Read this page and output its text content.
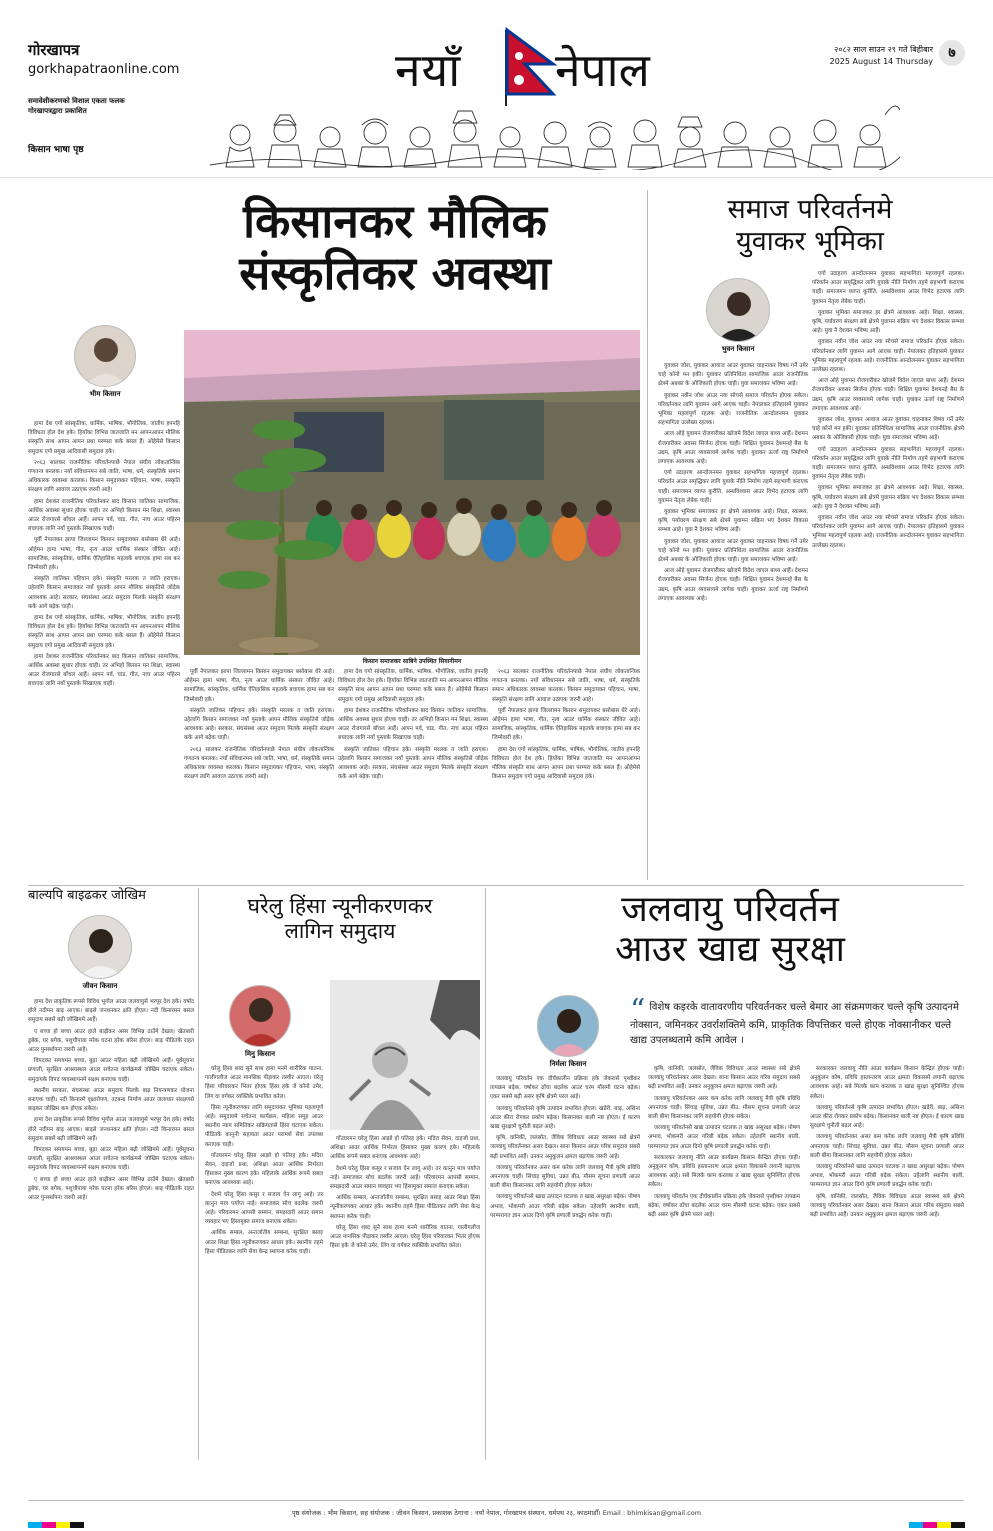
गोरखापत्र
gorkhapatraonline.com
समावेशीकरणको विशाल एकता फलक
गोरखापत्रद्वारा प्रकाशित
किसान भाषा पृष्ठ
नयाँ नेपाल	२०८२ साल साउन २९ गते बिहीबार
2025 August 14 Thursday
७
किसानकर मौलिक
संस्कृतिकर अवस्था
भीम किसान

हामा देश एगो सांस्कृतिक, धार्मिक, भाषिक, भौगोलिक, जातीय हपनहि विविधता होल देश हके। हियाँका विभिन्न जातजाति मन आपनआपन मौलिक संस्कृति साथ आपन आपन प्रथा परम्परा कके बसल हैं। ओहेमेसे किसान समुदाय एगो प्रमुख आदिवासी समुदाय हके।

२०६३ सालकर राजनीतिक परिवर्तनपाछे नेपाल संघीय लोकतान्त्रिक गणतन्त्र बनलक। नयाँ संविधानमन सबे जाति, भाषा, धर्म, संस्कृतिके समान अधिकारक व्यवस्था करलक। किसान समुदायकर पहिचान, भाषा, संस्कृति संरक्षण लागि आवाज उठाएक जरुरी आहे।

हामा देशकर राजनीतिक परिवर्तनकर बाद किसान जातिकर सामाजिक, आर्थिक अवस्था सुधार होएक चाही। तर अभिहो किसान मन शिक्षा, स्वास्थ्य आउर रोजगारसे बाँचल आहैं। आपन पर्व, चाड, गीत, नाच आउर पहिरन बचाएक लागि नयाँ पुस्ताके सिखाएक चाही।

पूर्वी नेपालकर झापा जिल्लामन किसान समुदायकर बसोबास धेरे आहे। ओहेमन हामा भाषा, गीत, नृत्य आउर धार्मिक संस्कार जीवित आहे। सामाजिक, सांस्कृतिक, धार्मिक ऐतिहासिक महत्वके बचाएक हामा सब कर जिम्मेवारी हके।

संस्कृति जातिकर पहिचान हके। संस्कृति मरलक त जाति हराएक। उहेलागि किसान समाजकर नयाँ पुस्ताके आपन मौलिक संस्कृतिसे जोड़ेक आवश्यक आहे। सरकार, संघसंस्था आउर समुदाय मिलके संस्कृति संरक्षण कके आगे बढ़ेक चाही।

हामा देश एगो सांस्कृतिक, धार्मिक, भाषिक, भौगोलिक, जातीय हपनहि विविधता होल देश हके। हियाँका विभिन्न जातजाति मन आपनआपन मौलिक संस्कृति साथ आपन आपन प्रथा परम्परा कके बसल हैं। ओहेमेसे किसान समुदाय एगो प्रमुख आदिवासी समुदाय हके।

हामा देशकर राजनीतिक परिवर्तनकर बाद किसान जातिकर सामाजिक, आर्थिक अवस्था सुधार होएक चाही। तर अभिहो किसान मन शिक्षा, स्वास्थ्य आउर रोजगारसे बाँचल आहैं। आपन पर्व, चाड, गीत, नाच आउर पहिरन बचाएक लागि नयाँ पुस्ताके सिखाएक चाही।

किसान समाजकर साबिने उपस्थित सियानीमन

पूर्वी नेपालकर झापा जिल्लामन किसान समुदायकर बसोबास धेरे आहे। ओहेमन हामा भाषा, गीत, नृत्य आउर धार्मिक संस्कार जीवित आहे। सामाजिक, सांस्कृतिक, धार्मिक ऐतिहासिक महत्वके बचाएक हामा सब कर जिम्मेवारी हके।

संस्कृति जातिकर पहिचान हके। संस्कृति मरलक त जाति हराएक। उहेलागि किसान समाजकर नयाँ पुस्ताके आपन मौलिक संस्कृतिसे जोड़ेक आवश्यक आहे। सरकार, संघसंस्था आउर समुदाय मिलके संस्कृति संरक्षण कके आगे बढ़ेक चाही।

२०६३ सालकर राजनीतिक परिवर्तनपाछे नेपाल संघीय लोकतान्त्रिक गणतन्त्र बनलक। नयाँ संविधानमन सबे जाति, भाषा, धर्म, संस्कृतिके समान अधिकारक व्यवस्था करलक। किसान समुदायकर पहिचान, भाषा, संस्कृति संरक्षण लागि आवाज उठाएक जरुरी आहे।

हामा देश एगो सांस्कृतिक, धार्मिक, भाषिक, भौगोलिक, जातीय हपनहि विविधता होल देश हके। हियाँका विभिन्न जातजाति मन आपनआपन मौलिक संस्कृति साथ आपन आपन प्रथा परम्परा कके बसल हैं। ओहेमेसे किसान समुदाय एगो प्रमुख आदिवासी समुदाय हके।

हामा देशकर राजनीतिक परिवर्तनकर बाद किसान जातिकर सामाजिक, आर्थिक अवस्था सुधार होएक चाही। तर अभिहो किसान मन शिक्षा, स्वास्थ्य आउर रोजगारसे बाँचल आहैं। आपन पर्व, चाड, गीत, नाच आउर पहिरन बचाएक लागि नयाँ पुस्ताके सिखाएक चाही।

संस्कृति जातिकर पहिचान हके। संस्कृति मरलक त जाति हराएक। उहेलागि किसान समाजकर नयाँ पुस्ताके आपन मौलिक संस्कृतिसे जोड़ेक आवश्यक आहे। सरकार, संघसंस्था आउर समुदाय मिलके संस्कृति संरक्षण कके आगे बढ़ेक चाही।

२०६३ सालकर राजनीतिक परिवर्तनपाछे नेपाल संघीय लोकतान्त्रिक गणतन्त्र बनलक। नयाँ संविधानमन सबे जाति, भाषा, धर्म, संस्कृतिके समान अधिकारक व्यवस्था करलक। किसान समुदायकर पहिचान, भाषा, संस्कृति संरक्षण लागि आवाज उठाएक जरुरी आहे।

पूर्वी नेपालकर झापा जिल्लामन किसान समुदायकर बसोबास धेरे आहे। ओहेमन हामा भाषा, गीत, नृत्य आउर धार्मिक संस्कार जीवित आहे। सामाजिक, सांस्कृतिक, धार्मिक ऐतिहासिक महत्वके बचाएक हामा सब कर जिम्मेवारी हके।

हामा देश एगो सांस्कृतिक, धार्मिक, भाषिक, भौगोलिक, जातीय हपनहि विविधता होल देश हके। हियाँका विभिन्न जातजाति मन आपनआपन मौलिक संस्कृति साथ आपन आपन प्रथा परम्परा कके बसल हैं। ओहेमेसे किसान समुदाय एगो प्रमुख आदिवासी समुदाय हके।

समाज परिवर्तनमे
युवाकर भूमिका
भुवन किसान

युवाकर जोश, युवाकर आवाज आउर युवाकर चाहनाकर विषय गर्ने उमेर चाहे कोनो मन हकी। युवाकर प्रतिनिधित्व सामाजिक आउर राजनीतिक क्षेत्रमे अबका के ओजिकारी होएक चाही। युवा समाजकर भविष्य आहे।

युवाकर नवीन जोश आउर नया सोचसे समाज परिवर्तन होएक सकेल। परिवर्तनकर लागि युवामन आगे आएक चाही। नेपालकर इतिहासमे युवाकर भूमिका महत्वपूर्ण रहलक आहे। राजनीतिक आन्दोलनमन युवाकर सहभागिता उल्लेख्य रहलक।

आज ओहे युवामन रोजगारीकर खोजमे विदेश जाएल बाध्य आहैं। देशमन रोजगारीकर अवसर सिर्जना होएक चाही। शिक्षित युवामन देशमनहे बैस के उद्यम, कृषि आउर व्यवसायमे लागेक चाही। युवाकर ऊर्जा राष्ट्र निर्माणमे लगाएक आवश्यक आहे।

एगो उदाहरण आन्दोलनमन युवाकर सहभागिता महत्त्वपूर्ण रहलक। परिवर्तन आउर समृद्धिकर लागि युवाके नीति निर्माण तहमे सहभागी कराएक चाही। समाजमन व्याप्त कुरीति, अन्धविश्वास आउर विभेद हटाएक लागि युवामन नेतृत्व लेबेक चाही।

युवाकर भूमिका समाजकर हर क्षेत्रमे आवश्यक आहे। शिक्षा, स्वास्थ्य, कृषि, पर्यावरण संरक्षण सबे क्षेत्रमे युवामन सक्रिय भए देशकर विकास सम्भव आहे। युवा नै देशकर भविष्य आहैं।

युवाकर जोश, युवाकर आवाज आउर युवाकर चाहनाकर विषय गर्ने उमेर चाहे कोनो मन हकी। युवाकर प्रतिनिधित्व सामाजिक आउर राजनीतिक क्षेत्रमे अबका के ओजिकारी होएक चाही। युवा समाजकर भविष्य आहे।

आज ओहे युवामन रोजगारीकर खोजमे विदेश जाएल बाध्य आहैं। देशमन रोजगारीकर अवसर सिर्जना होएक चाही। शिक्षित युवामन देशमनहे बैस के उद्यम, कृषि आउर व्यवसायमे लागेक चाही। युवाकर ऊर्जा राष्ट्र निर्माणमे लगाएक आवश्यक आहे।

एगो उदाहरण आन्दोलनमन युवाकर सहभागिता महत्त्वपूर्ण रहलक। परिवर्तन आउर समृद्धिकर लागि युवाके नीति निर्माण तहमे सहभागी कराएक चाही। समाजमन व्याप्त कुरीति, अन्धविश्वास आउर विभेद हटाएक लागि युवामन नेतृत्व लेबेक चाही।

युवाकर भूमिका समाजकर हर क्षेत्रमे आवश्यक आहे। शिक्षा, स्वास्थ्य, कृषि, पर्यावरण संरक्षण सबे क्षेत्रमे युवामन सक्रिय भए देशकर विकास सम्भव आहे। युवा नै देशकर भविष्य आहैं।

युवाकर नवीन जोश आउर नया सोचसे समाज परिवर्तन होएक सकेल। परिवर्तनकर लागि युवामन आगे आएक चाही। नेपालकर इतिहासमे युवाकर भूमिका महत्वपूर्ण रहलक आहे। राजनीतिक आन्दोलनमन युवाकर सहभागिता उल्लेख्य रहलक।

आज ओहे युवामन रोजगारीकर खोजमे विदेश जाएल बाध्य आहैं। देशमन रोजगारीकर अवसर सिर्जना होएक चाही। शिक्षित युवामन देशमनहे बैस के उद्यम, कृषि आउर व्यवसायमे लागेक चाही। युवाकर ऊर्जा राष्ट्र निर्माणमे लगाएक आवश्यक आहे।

युवाकर जोश, युवाकर आवाज आउर युवाकर चाहनाकर विषय गर्ने उमेर चाहे कोनो मन हकी। युवाकर प्रतिनिधित्व सामाजिक आउर राजनीतिक क्षेत्रमे अबका के ओजिकारी होएक चाही। युवा समाजकर भविष्य आहे।

एगो उदाहरण आन्दोलनमन युवाकर सहभागिता महत्त्वपूर्ण रहलक। परिवर्तन आउर समृद्धिकर लागि युवाके नीति निर्माण तहमे सहभागी कराएक चाही। समाजमन व्याप्त कुरीति, अन्धविश्वास आउर विभेद हटाएक लागि युवामन नेतृत्व लेबेक चाही।

युवाकर भूमिका समाजकर हर क्षेत्रमे आवश्यक आहे। शिक्षा, स्वास्थ्य, कृषि, पर्यावरण संरक्षण सबे क्षेत्रमे युवामन सक्रिय भए देशकर विकास सम्भव आहे। युवा नै देशकर भविष्य आहैं।

युवाकर नवीन जोश आउर नया सोचसे समाज परिवर्तन होएक सकेल। परिवर्तनकर लागि युवामन आगे आएक चाही। नेपालकर इतिहासमे युवाकर भूमिका महत्वपूर्ण रहलक आहे। राजनीतिक आन्दोलनमन युवाकर सहभागिता उल्लेख्य रहलक।

बाल्यपि बाइढकर जोखिम
जीवन किसान

हामा देश प्राकृतिक रूपसे विविध भूगोल आउर जलवायुसे भरपूर देश हके। वर्षाद होले नदीमन बाढ़ आएक। बाढ़से जनधनकर क्षति होएल। नदी किनारमन बसल समुदाय सबसे बढ़ी जोखिममे आहैं।

ए बच्चा हो बच्चा आउर हाले बाढ़ीकर असर विभिन्न ठाउँमे देखल। खेतबारी डुबेक, घर बगेक, पशुचौपाया मरेक घटना हरेक बरिस होएल। बाढ़ पीडितके राहत आउर पुनर्स्थापना जरुरी आहे।

विपदकर समयमन बच्चा, बुढ़ा आउर महिला बढ़ी जोखिममे आहैं। पूर्वसूचना प्रणाली, सुरक्षित आश्रयस्थल आउर सचेतना कार्यक्रमसे जोखिम घटाएक सकेल। समुदायके विपद व्यवस्थापनमे सक्षम बनाएक चाही।

स्थानीय सरकार, संघसंस्था आउर समुदाय मिलके बाढ़ नियन्त्रणकर योजना बनाएक चाही। नदी किनारमे वृक्षारोपण, तटबन्ध निर्माण आउर जलाधार संरक्षणसे बाढ़कर जोखिम कम होएक सकेल।

हामा देश प्राकृतिक रूपसे विविध भूगोल आउर जलवायुसे भरपूर देश हके। वर्षाद होले नदीमन बाढ़ आएक। बाढ़से जनधनकर क्षति होएल। नदी किनारमन बसल समुदाय सबसे बढ़ी जोखिममे आहैं।

विपदकर समयमन बच्चा, बुढ़ा आउर महिला बढ़ी जोखिममे आहैं। पूर्वसूचना प्रणाली, सुरक्षित आश्रयस्थल आउर सचेतना कार्यक्रमसे जोखिम घटाएक सकेल। समुदायके विपद व्यवस्थापनमे सक्षम बनाएक चाही।

ए बच्चा हो बच्चा आउर हाले बाढ़ीकर असर विभिन्न ठाउँमे देखल। खेतबारी डुबेक, घर बगेक, पशुचौपाया मरेक घटना हरेक बरिस होएल। बाढ़ पीडितके राहत आउर पुनर्स्थापना जरुरी आहे।

घरेलु हिंसा न्यूनीकरणकर
लागिन समुदाय
मिनु किसान

घरेलु हिंसा शब्द सुने साथ हामा मनमे शारीरिक यातना, गालीगलौज आउर मानसिक पीड़ाकर तस्वीर आएल। घरेलु हिंसा परिवारकर भितर होएक हिंसा हके जे कोनो उमेर, लिंग वा वर्गकर व्यक्तिके प्रभावित करेल।

हिंसा न्यूनीकरणकर लागि समुदायकर भूमिका महत्वपूर्ण आहे। समुदायमे सचेतना कार्यक्रम, महिला समूह आउर स्थानीय न्याय समितिकर सक्रियतासे हिंसा घटाएक सकेल। पीडितके कानुनी सहायता आउर परामर्श सेवा उपलब्ध कराएक चाही।

गाँउघरमन घरेलु हिंसा आझो हो पतिरह हके। मदिरा सेवन, दाइजो प्रथा, अशिक्षा आउर आर्थिक निर्भरता हिंसाकर मुख्य कारण हके। महिलाके आर्थिक रूपमे सबल बनाएक आवश्यक आहे।

देशमे घरेलु हिंसा कसुर र सजाय ऐन लागू आहे। तर कानुन मात्र पर्याप्त नाहे। समाजकर सोच बदलेक जरुरी आहे। परिवारमन आपसी सम्मान, समझदारी आउर समान व्यवहार भए हिंसामुक्त समाज बनाएक सकेल।

आर्थिक सम्बल, अन्तर्जातीय सम्बन्ध, सुरक्षित बसाइ आउर शिक्षा हिंसा न्यूनीकरणकर आधार हके। स्थानीय तहमे हिंसा पीडितकर लागि सेवा केन्द्र स्थापना करेक चाही।

गाँउघरमन घरेलु हिंसा आझो हो पतिरह हके। मदिरा सेवन, दाइजो प्रथा, अशिक्षा आउर आर्थिक निर्भरता हिंसाकर मुख्य कारण हके। महिलाके आर्थिक रूपमे सबल बनाएक आवश्यक आहे।

देशमे घरेलु हिंसा कसुर र सजाय ऐन लागू आहे। तर कानुन मात्र पर्याप्त नाहे। समाजकर सोच बदलेक जरुरी आहे। परिवारमन आपसी सम्मान, समझदारी आउर समान व्यवहार भए हिंसामुक्त समाज बनाएक सकेल।

आर्थिक सम्बल, अन्तर्जातीय सम्बन्ध, सुरक्षित बसाइ आउर शिक्षा हिंसा न्यूनीकरणकर आधार हके। स्थानीय तहमे हिंसा पीडितकर लागि सेवा केन्द्र स्थापना करेक चाही।

घरेलु हिंसा शब्द सुने साथ हामा मनमे शारीरिक यातना, गालीगलौज आउर मानसिक पीड़ाकर तस्वीर आएल। घरेलु हिंसा परिवारकर भितर होएक हिंसा हके जे कोनो उमेर, लिंग वा वर्गकर व्यक्तिके प्रभावित करेल।

जलवायु परिवर्तन
आउर खाद्य सुरक्षा
निर्मला किसान
“ विशेष कइरके वातावरणीय परिवर्तनकर चल्ते बेमार आ संक्रमणकर चल्ते कृषि उत्पादनमे नोक्सान, जमिनकर उवर्राशक्तिमे कमि, प्राकृतिक विपत्तिकर चल्ते होएक नोक्सानीकर चल्ते खाद्य उपलब्धतामे कमि आवेल ।

जलवायु परिवर्तन एक दीर्घकालीन प्रक्रिया हके जेकरासे पृथ्वीकर तापक्रम बढ़ेक, वर्षाकर ढाँचा बदलेक आउर चरम मौसमी घटना बढ़ेक। एकर सबसे बढ़ी असर कृषि क्षेत्रमे परल आहे।

जलवायु परिवर्तनसे कृषि उत्पादन प्रभावित होएल। खडेरी, बाढ़, असिना आउर कीरा रोगकर प्रकोप बढ़ेक। किसानकर बाली नष्ट होएल। ई कारण खाद्य सुरक्षामे चुनौती बढ़ल आहे।

कृषि, वानिकी, जलस्रोत, जैविक विविधता आउर स्वास्थ्य सबे क्षेत्रमे जलवायु परिवर्तनकर असर देखल। साना किसान आउर गरिब समुदाय सबसे बढ़ी प्रभावित आहैं। उनकर अनुकूलन क्षमता बढ़ाएक जरुरी आहे।

जलवायु परिवर्तनकर असर कम करेक लागि जलवायु मैत्री कृषि प्रविधि अपनाएक चाही। सिंचाइ सुविधा, उन्नत बीउ, मौसम सूचना प्रणाली आउर बाली बीमा किसानकर लागि सहयोगी होएक सकेल।

जलवायु परिवर्तनसे खाद्य उत्पादन घटलक त खाद्य असुरक्षा बढ़ेक। पोषण अभाव, भोकमरी आउर गरिबी बढ़ेक सकेल। उहेलागि स्थानीय बाली, परम्परागत ज्ञान आउर दिगो कृषि प्रणाली प्रवर्द्धन करेक चाही।

कृषि, वानिकी, जलस्रोत, जैविक विविधता आउर स्वास्थ्य सबे क्षेत्रमे जलवायु परिवर्तनकर असर देखल। साना किसान आउर गरिब समुदाय सबसे बढ़ी प्रभावित आहैं। उनकर अनुकूलन क्षमता बढ़ाएक जरुरी आहे।

जलवायु परिवर्तनकर असर कम करेक लागि जलवायु मैत्री कृषि प्रविधि अपनाएक चाही। सिंचाइ सुविधा, उन्नत बीउ, मौसम सूचना प्रणाली आउर बाली बीमा किसानकर लागि सहयोगी होएक सकेल।

जलवायु परिवर्तनसे खाद्य उत्पादन घटलक त खाद्य असुरक्षा बढ़ेक। पोषण अभाव, भोकमरी आउर गरिबी बढ़ेक सकेल। उहेलागि स्थानीय बाली, परम्परागत ज्ञान आउर दिगो कृषि प्रणाली प्रवर्द्धन करेक चाही।

सरकारकर जलवायु नीति आउर कार्यक्रम किसान केन्द्रित होएक चाही। अनुकूलन कोष, प्रविधि हस्तान्तरण आउर क्षमता विकासमे लगानी बढ़ाएक आवश्यक आहे। सबे मिलके काम करलक त खाद्य सुरक्षा सुनिश्चित होएक सकेल।

जलवायु परिवर्तन एक दीर्घकालीन प्रक्रिया हके जेकरासे पृथ्वीकर तापक्रम बढ़ेक, वर्षाकर ढाँचा बदलेक आउर चरम मौसमी घटना बढ़ेक। एकर सबसे बढ़ी असर कृषि क्षेत्रमे परल आहे।

सरकारकर जलवायु नीति आउर कार्यक्रम किसान केन्द्रित होएक चाही। अनुकूलन कोष, प्रविधि हस्तान्तरण आउर क्षमता विकासमे लगानी बढ़ाएक आवश्यक आहे। सबे मिलके काम करलक त खाद्य सुरक्षा सुनिश्चित होएक सकेल।

जलवायु परिवर्तनसे कृषि उत्पादन प्रभावित होएल। खडेरी, बाढ़, असिना आउर कीरा रोगकर प्रकोप बढ़ेक। किसानकर बाली नष्ट होएल। ई कारण खाद्य सुरक्षामे चुनौती बढ़ल आहे।

जलवायु परिवर्तनकर असर कम करेक लागि जलवायु मैत्री कृषि प्रविधि अपनाएक चाही। सिंचाइ सुविधा, उन्नत बीउ, मौसम सूचना प्रणाली आउर बाली बीमा किसानकर लागि सहयोगी होएक सकेल।

जलवायु परिवर्तनसे खाद्य उत्पादन घटलक त खाद्य असुरक्षा बढ़ेक। पोषण अभाव, भोकमरी आउर गरिबी बढ़ेक सकेल। उहेलागि स्थानीय बाली, परम्परागत ज्ञान आउर दिगो कृषि प्रणाली प्रवर्द्धन करेक चाही।

कृषि, वानिकी, जलस्रोत, जैविक विविधता आउर स्वास्थ्य सबे क्षेत्रमे जलवायु परिवर्तनकर असर देखल। साना किसान आउर गरिब समुदाय सबसे बढ़ी प्रभावित आहैं। उनकर अनुकूलन क्षमता बढ़ाएक जरुरी आहे।

पृष्ठ संयोजक : भीम किसान, सह संयोजक : जीवन किसान, प्रकाशक ठेगाना : नयाँ नेपाल, गोरखापत्र संस्थान, धर्मपथ २३, काठमाडौँ। Email : bhimkisan@gmail.com
